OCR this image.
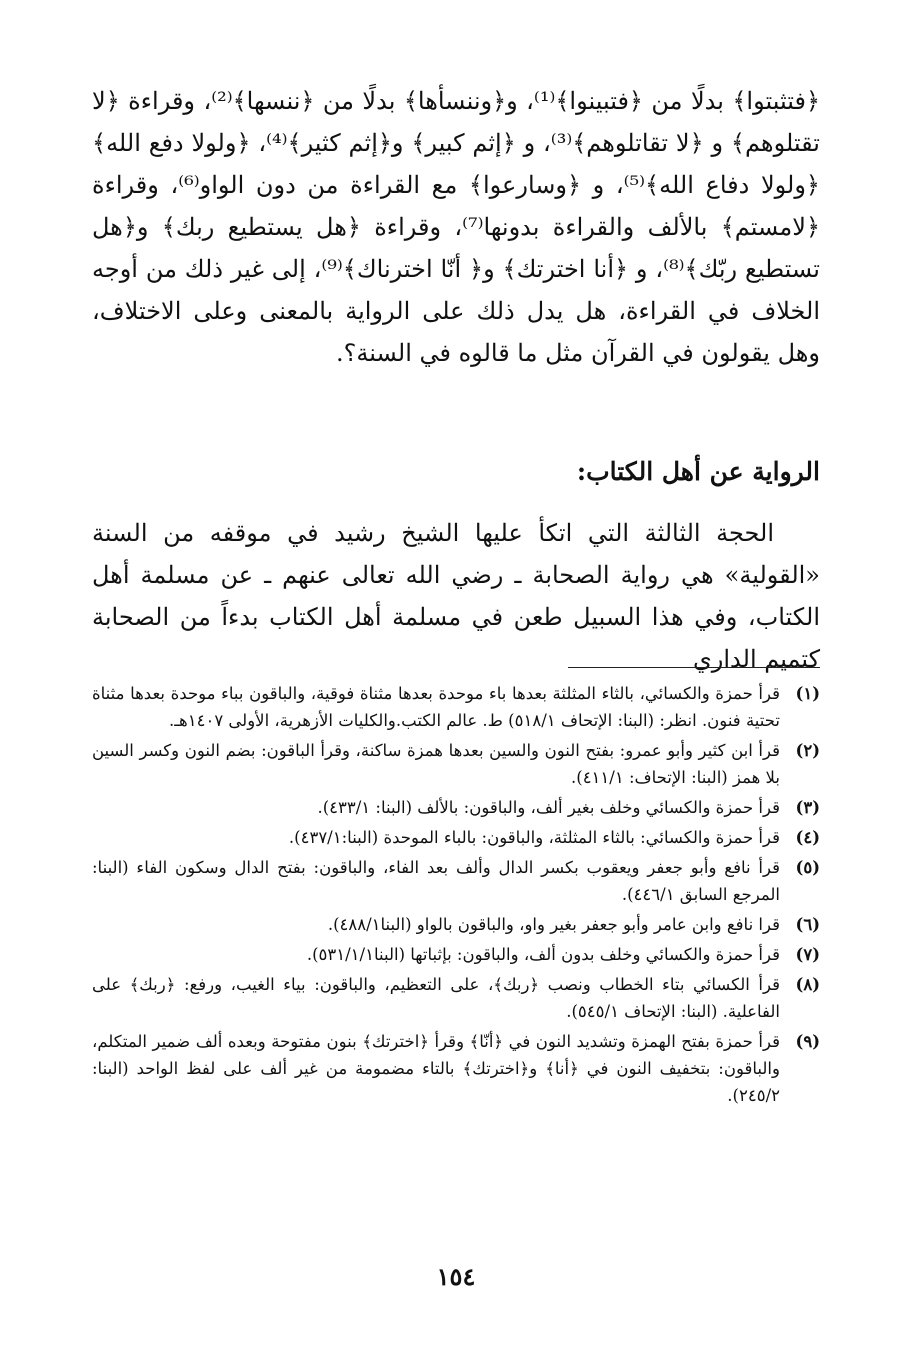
﴿فتثبتوا﴾ بدلًا من ﴿فتبينوا﴾⁽¹⁾، و﴿وننسأها﴾ بدلًا من ﴿ننسها﴾⁽²⁾، وقراءة ﴿لا تقتلوهم﴾ و ﴿لا تقاتلوهم﴾⁽³⁾، و ﴿إثم كبير﴾ و﴿إثم كثير﴾⁽⁴⁾، ﴿ولولا دفع الله﴾ ﴿ولولا دفاع الله﴾⁽⁵⁾، و ﴿وسارعوا﴾ مع القراءة من دون الواو⁽⁶⁾، وقراءة ﴿لامستم﴾ بالألف والقراءة بدونها⁽⁷⁾، وقراءة ﴿هل يستطيع ربك﴾ و﴿هل تستطيع ربّك﴾⁽⁸⁾، و ﴿أنا اخترتك﴾ و﴿ أنّا اخترناك﴾⁽⁹⁾، إلى غير ذلك من أوجه الخلاف في القراءة، هل يدل ذلك على الرواية بالمعنى وعلى الاختلاف، وهل يقولون في القرآن مثل ما قالوه في السنة؟.

الرواية عن أهل الكتاب:

الحجة الثالثة التي اتكأ عليها الشيخ رشيد في موقفه من السنة «القولية» هي رواية الصحابة ـ رضي الله تعالى عنهم ـ عن مسلمة أهل الكتاب، وفي هذا السبيل طعن في مسلمة أهل الكتاب بدءاً من الصحابة كتميم الداري

(١)
قرأ حمزة والكسائي، بالثاء المثلثة بعدها باء موحدة بعدها مثناة فوقية، والباقون بباء موحدة بعدها مثناة تحتية فنون. انظر: (البنا: الإتحاف ٥١٨/١) ط. عالم الكتب.والكليات الأزهرية، الأولى ١٤٠٧هـ.
(٢)
قرأ ابن كثير وأبو عمرو: بفتح النون والسين بعدها همزة ساكنة، وقرأ الباقون: بضم النون وكسر السين بلا همز (البنا: الإتحاف: ٤١١/١).
(٣)
قرأ حمزة والكسائي وخلف بغير ألف، والباقون: بالألف (البنا: ٤٣٣/١).
(٤)
قرأ حمزة والكسائي: بالثاء المثلثة، والباقون: بالباء الموحدة (البنا:٤٣٧/١).
(٥)
قرأ نافع وأبو جعفر ويعقوب بكسر الدال وألف بعد الفاء، والباقون: بفتح الدال وسكون الفاء (البنا: المرجع السابق ٤٤٦/١).
(٦)
قرا نافع وابن عامر وأبو جعفر بغير واو، والباقون بالواو (البنا٤٨٨/١).
(٧)
قرأ حمزة والكسائي وخلف بدون ألف، والباقون: بإثباتها (البنا٥٣١/١/١).
(٨)
قرأ الكسائي بتاء الخطاب ونصب ﴿ربك﴾، على التعظيم، والباقون: بياء الغيب، ورفع: ﴿ربك﴾ على الفاعلية. (البنا: الإتحاف ٥٤٥/١).
(٩)
قرأ حمزة بفتح الهمزة وتشديد النون في ﴿أنّا﴾ وقرأ ﴿اخترتك﴾ بنون مفتوحة وبعده ألف ضمير المتكلم، والباقون: بتخفيف النون في ﴿أنا﴾ و﴿اخترتك﴾ بالتاء مضمومة من غير ألف على لفظ الواحد (البنا: ٢٤٥/٢).
١٥٤
